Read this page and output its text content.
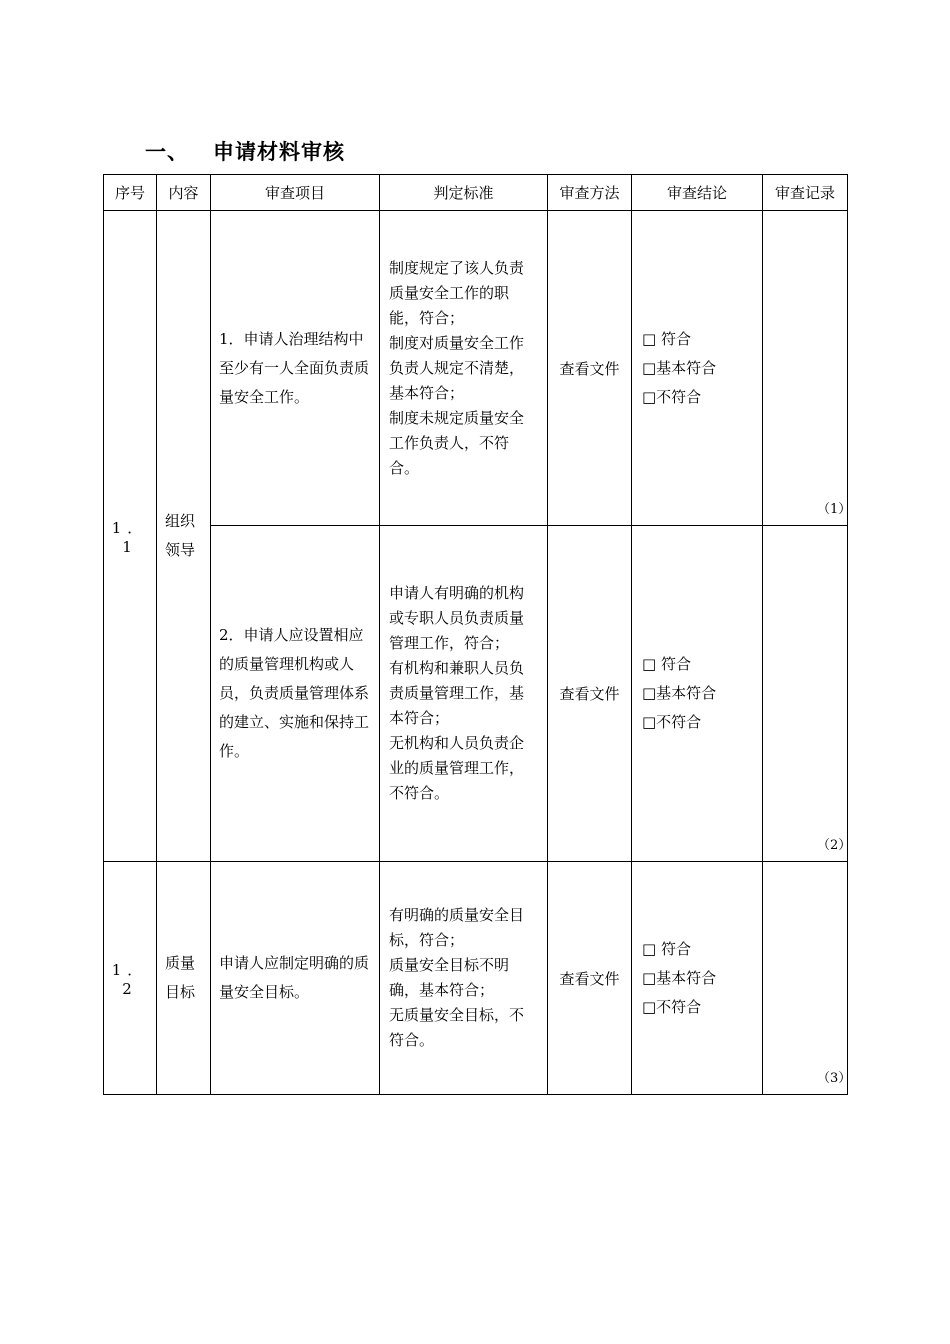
一、 申请材料审核
序号	内容	审查项目	判定标准	审查方法	审查结论	审查记录
1．1	组织领导	1．申请人治理结构中至少有一人全面负责质量安全工作。	制度规定了该人负责质量安全工作的职能，符合；
制度对质量安全工作负责人规定不清楚，基本符合；
制度未规定质量安全工作负责人，不符合。	查看文件	□ 符合
□基本符合
□不符合	（1）

		2．申请人应设置相应的质量管理机构或人员，负责质量管理体系的建立、实施和保持工作。	申请人有明确的机构或专职人员负责质量管理工作，符合；
有机构和兼职人员负责质量管理工作，基本符合；
无机构和人员负责企业的质量管理工作，不符合。	查看文件	□ 符合
□基本符合
□不符合	（2）

1．2	质量目标	申请人应制定明确的质量安全目标。	有明确的质量安全目标，符合；
质量安全目标不明确，基本符合；
无质量安全目标，不符合。	查看文件	□ 符合
□基本符合
□不符合	（3）
